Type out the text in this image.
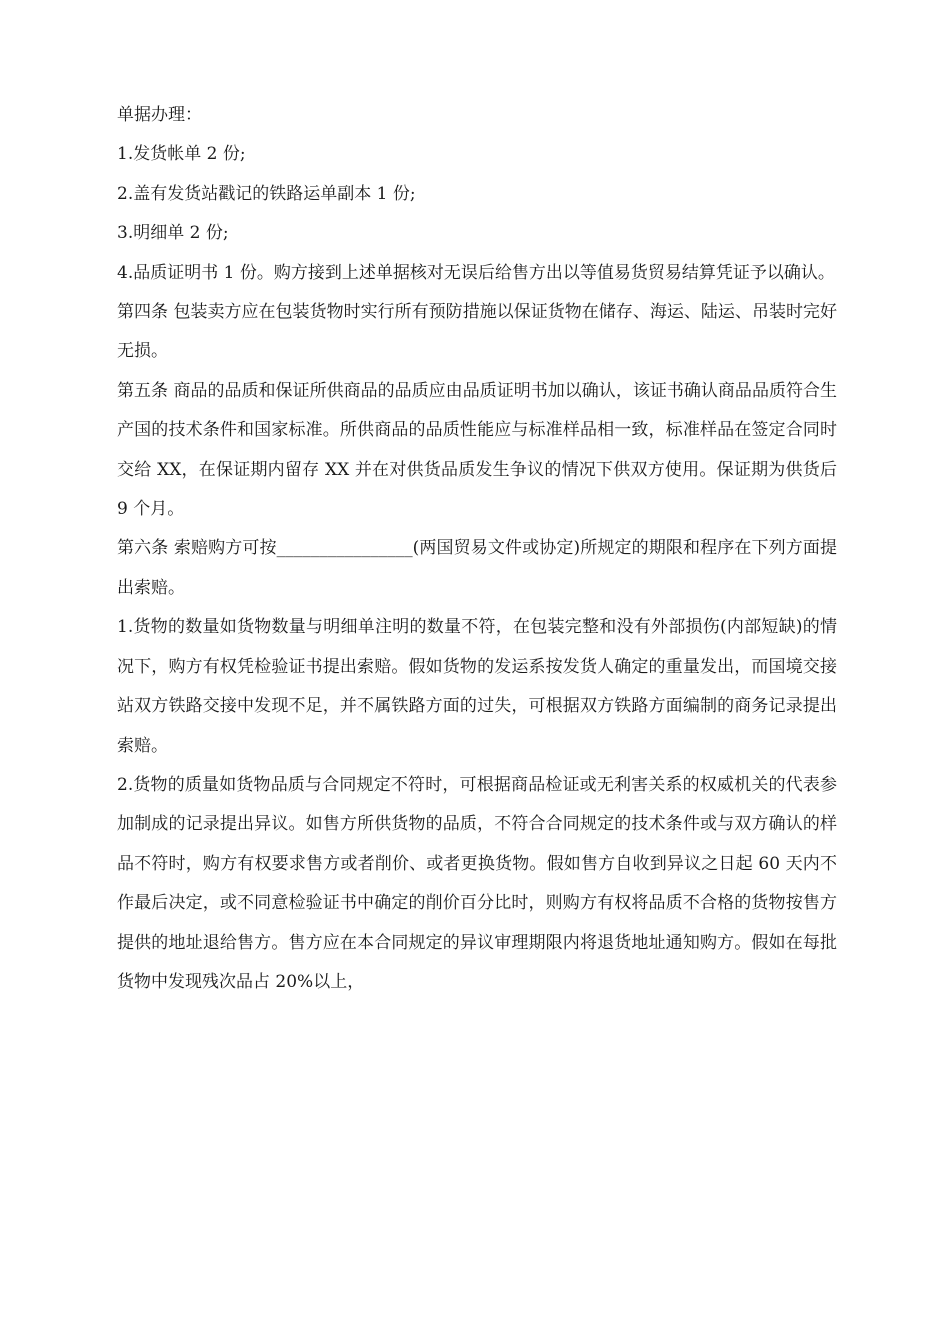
单据办理：

1.发货帐单 2 份;

2.盖有发货站戳记的铁路运单副本 1 份;

3.明细单 2 份;

4.品质证明书 1 份。购方接到上述单据核对无误后给售方出以等值易货贸易结算凭证予以确认。

第四条 包装卖方应在包装货物时实行所有预防措施以保证货物在储存、海运、陆运、吊装时完好无损。

第五条 商品的品质和保证所供商品的品质应由品质证明书加以确认，该证书确认商品品质符合生产国的技术条件和国家标准。所供商品的品质性能应与标准样品相一致，标准样品在签定合同时交给 XX，在保证期内留存 XX 并在对供货品质发生争议的情况下供双方使用。保证期为供货后 9 个月。

第六条 索赔购方可按________________(两国贸易文件或协定)所规定的期限和程序在下列方面提出索赔。

1.货物的数量如货物数量与明细单注明的数量不符，在包装完整和没有外部损伤(内部短缺)的情况下，购方有权凭检验证书提出索赔。假如货物的发运系按发货人确定的重量发出，而国境交接站双方铁路交接中发现不足，并不属铁路方面的过失，可根据双方铁路方面编制的商务记录提出索赔。

2.货物的质量如货物品质与合同规定不符时，可根据商品检证或无利害关系的权威机关的代表参加制成的记录提出异议。如售方所供货物的品质，不符合合同规定的技术条件或与双方确认的样品不符时，购方有权要求售方或者削价、或者更换货物。假如售方自收到异议之日起 60 天内不作最后决定，或不同意检验证书中确定的削价百分比时，则购方有权将品质不合格的货物按售方提供的地址退给售方。售方应在本合同规定的异议审理期限内将退货地址通知购方。假如在每批货物中发现残次品占 20%以上，
